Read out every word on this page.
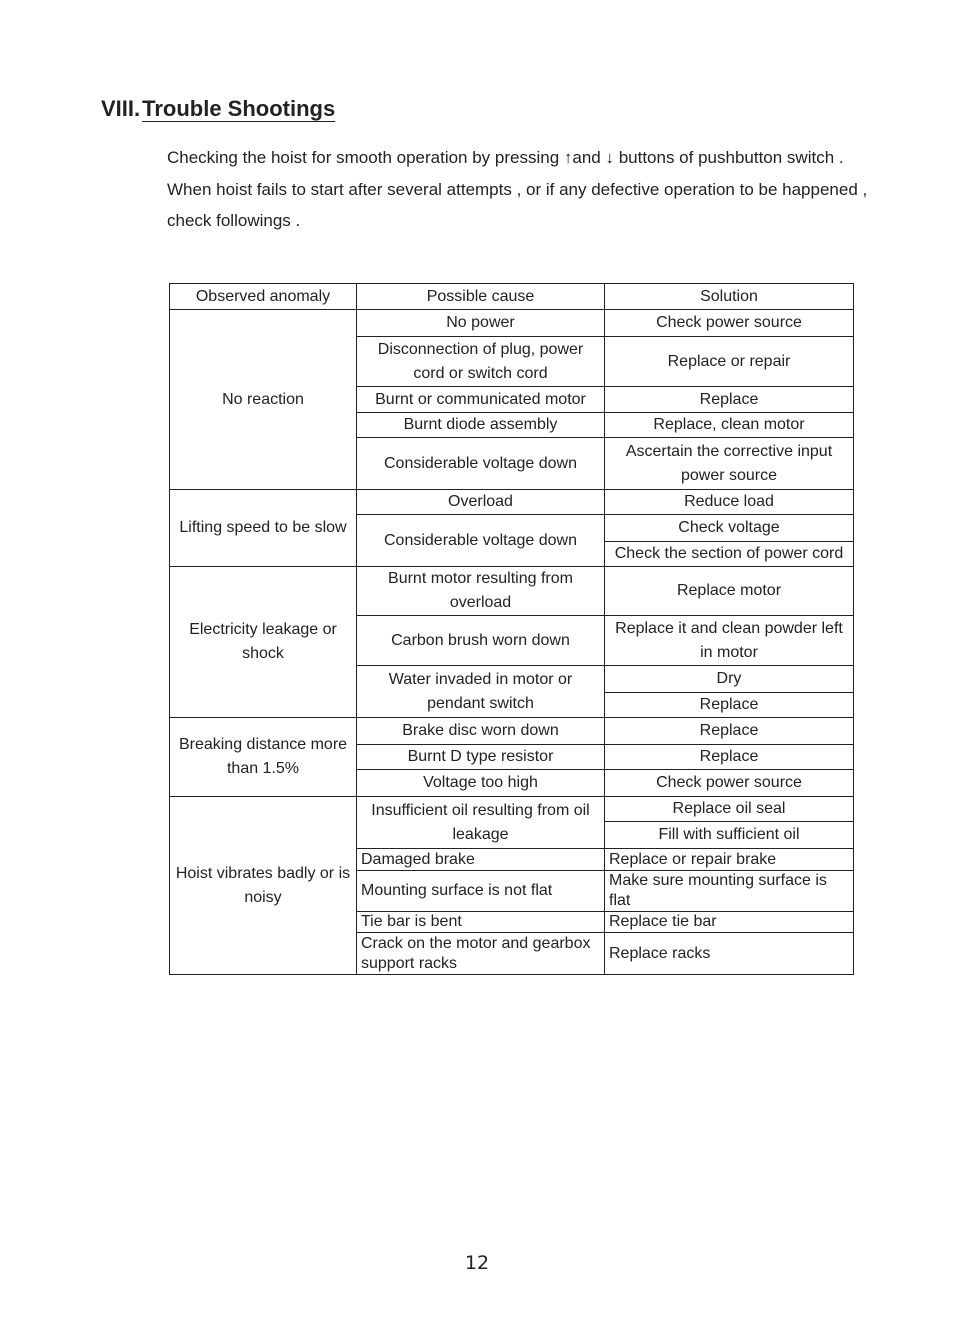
VIII.Trouble Shootings

Checking the hoist for smooth operation by pressing ↑and ↓ buttons of pushbutton switch .

When hoist fails to start after several attempts , or if any defective operation to be happened ,

check followings .

Observed anomaly	Possible cause	Solution
No reaction	No power	Check power source
	Disconnection of plug, power cord or switch cord	Replace or repair
	Burnt or communicated motor	Replace
	Burnt diode assembly	Replace, clean motor
	Considerable voltage down	Ascertain the corrective input power source
Lifting speed to be slow	Overload	Reduce load
	Considerable voltage down	Check voltage
		Check the section of power cord
Electricity leakage or shock	Burnt motor resulting from overload	Replace motor
	Carbon brush worn down	Replace it and clean powder left in motor
	Water invaded in motor or pendant switch	Dry
		Replace
Breaking distance more than 1.5%	Brake disc worn down	Replace
	Burnt D type resistor	Replace
	Voltage too high	Check power source
Hoist vibrates badly or is noisy	Insufficient oil resulting from oil leakage	Replace oil seal
		Fill with sufficient oil
	Damaged brake	Replace or repair brake
	Mounting surface is not flat	Make sure mounting surface is flat
	Tie bar is bent	Replace tie bar
	Crack on the motor and gearbox support racks	Replace racks
12
